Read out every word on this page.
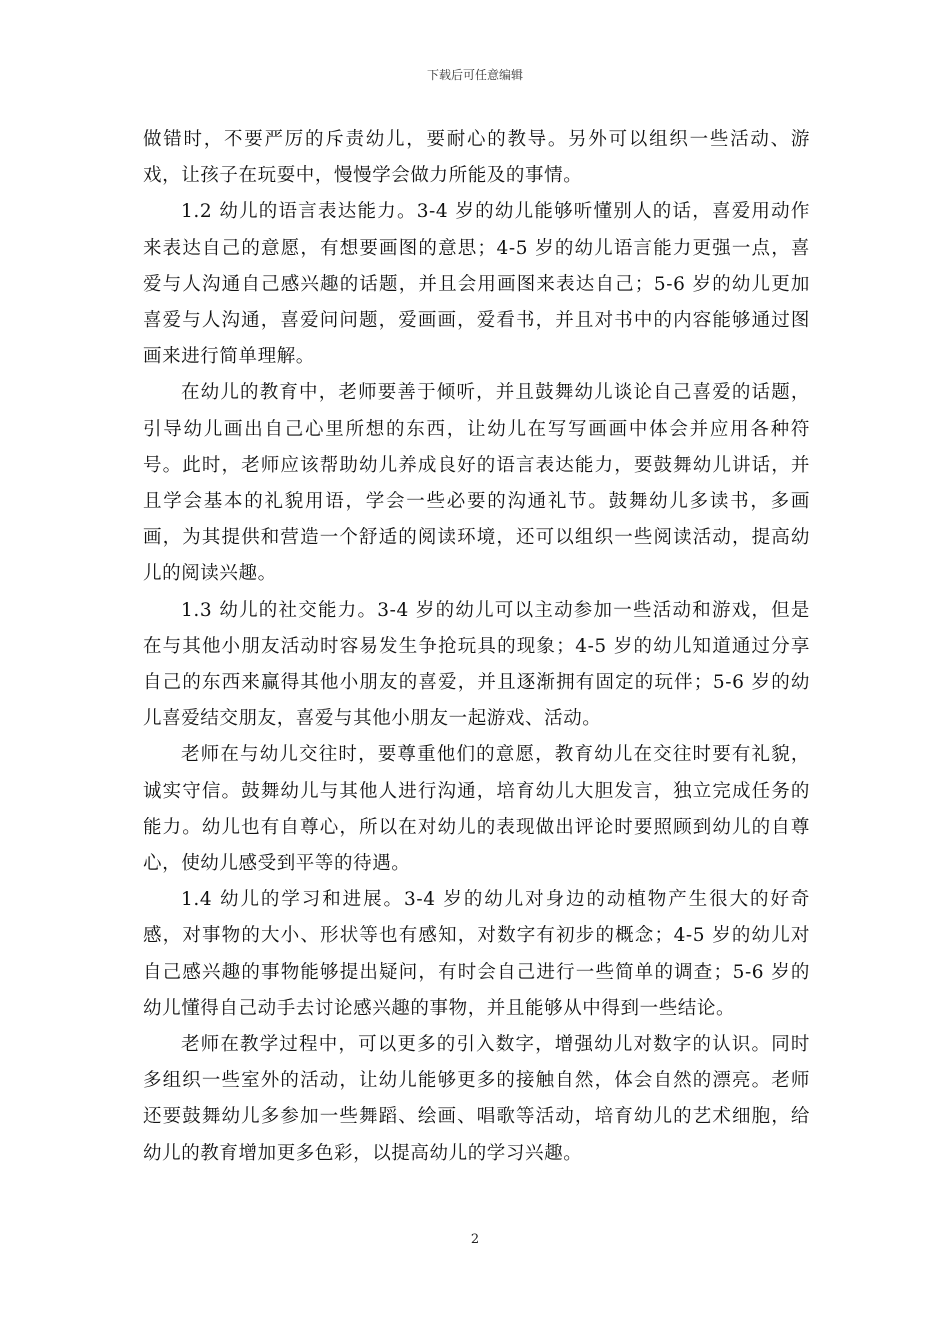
下载后可任意编辑

做错时，不要严厉的斥责幼儿，要耐心的教导。另外可以组织一些活动、游戏，让孩子在玩耍中，慢慢学会做力所能及的事情。

1.2 幼儿的语言表达能力。3-4 岁的幼儿能够听懂别人的话，喜爱用动作来表达自己的意愿，有想要画图的意思；4-5 岁的幼儿语言能力更强一点，喜爱与人沟通自己感兴趣的话题，并且会用画图来表达自己；5-6 岁的幼儿更加喜爱与人沟通，喜爱问问题，爱画画，爱看书，并且对书中的内容能够通过图画来进行简单理解。

在幼儿的教育中，老师要善于倾听，并且鼓舞幼儿谈论自己喜爱的话题，引导幼儿画出自己心里所想的东西，让幼儿在写写画画中体会并应用各种符号。此时，老师应该帮助幼儿养成良好的语言表达能力，要鼓舞幼儿讲话，并且学会基本的礼貌用语，学会一些必要的沟通礼节。鼓舞幼儿多读书，多画画，为其提供和营造一个舒适的阅读环境，还可以组织一些阅读活动，提高幼儿的阅读兴趣。

1.3 幼儿的社交能力。3-4 岁的幼儿可以主动参加一些活动和游戏，但是在与其他小朋友活动时容易发生争抢玩具的现象；4-5 岁的幼儿知道通过分享自己的东西来赢得其他小朋友的喜爱，并且逐渐拥有固定的玩伴；5-6 岁的幼儿喜爱结交朋友，喜爱与其他小朋友一起游戏、活动。

老师在与幼儿交往时，要尊重他们的意愿，教育幼儿在交往时要有礼貌，诚实守信。鼓舞幼儿与其他人进行沟通，培育幼儿大胆发言，独立完成任务的能力。幼儿也有自尊心，所以在对幼儿的表现做出评论时要照顾到幼儿的自尊心，使幼儿感受到平等的待遇。

1.4 幼儿的学习和进展。3-4 岁的幼儿对身边的动植物产生很大的好奇感，对事物的大小、形状等也有感知，对数字有初步的概念；4-5 岁的幼儿对自己感兴趣的事物能够提出疑问，有时会自己进行一些简单的调查；5-6 岁的幼儿懂得自己动手去讨论感兴趣的事物，并且能够从中得到一些结论。

老师在教学过程中，可以更多的引入数字，增强幼儿对数字的认识。同时多组织一些室外的活动，让幼儿能够更多的接触自然，体会自然的漂亮。老师还要鼓舞幼儿多参加一些舞蹈、绘画、唱歌等活动，培育幼儿的艺术细胞，给幼儿的教育增加更多色彩，以提高幼儿的学习兴趣。

2
